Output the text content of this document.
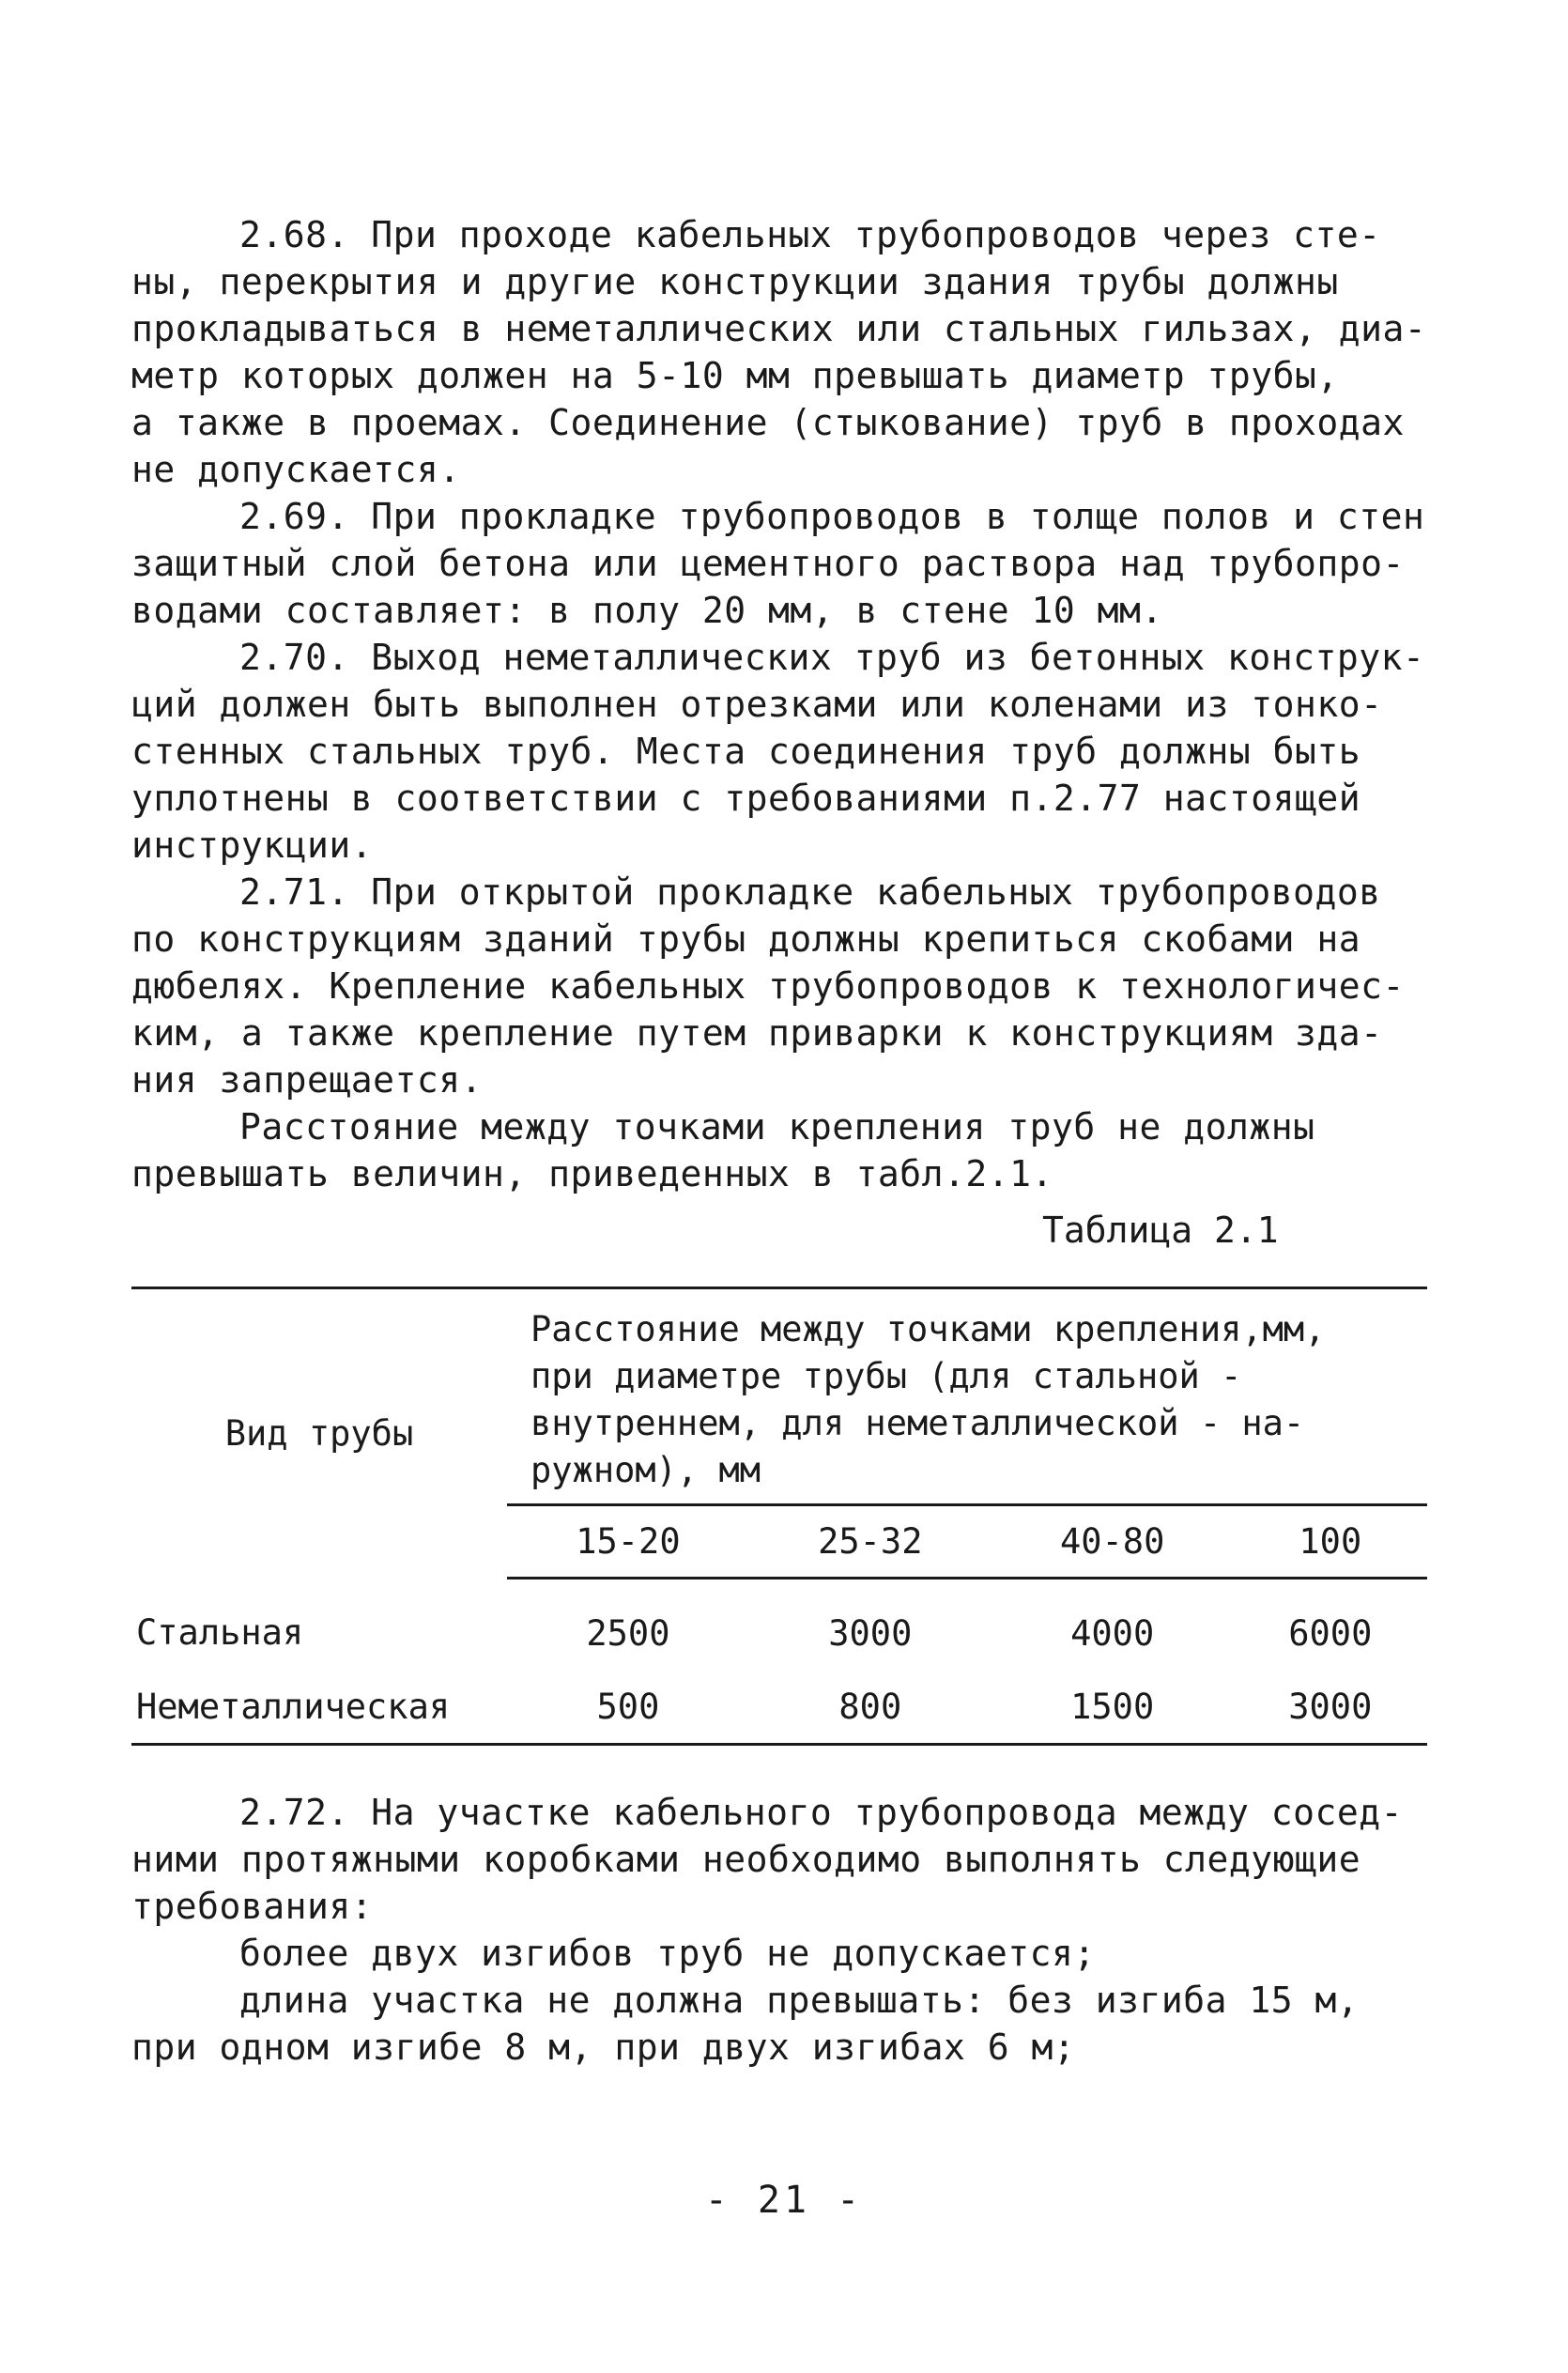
2.68. При проходе кабельных трубопроводов через сте-

ны, перекрытия и другие конструкции здания трубы должны

прокладываться в неметаллических или стальных гильзах, диа-

метр которых должен на 5-10 мм превышать диаметр трубы,

а также в проемах. Соединение (стыкование) труб в проходах

не допускается.

2.69. При прокладке трубопроводов в толще полов и стен

защитный слой бетона или цементного раствора над трубопро-

водами составляет: в полу 20 мм, в стене 10 мм.

2.70. Выход неметаллических труб из бетонных конструк-

ций должен быть выполнен отрезками или коленами из тонко-

стенных стальных труб. Места соединения труб должны быть

уплотнены в соответствии с требованиями п.2.77 настоящей

инструкции.

2.71. При открытой прокладке кабельных трубопроводов

по конструкциям зданий трубы должны крепиться скобами на

дюбелях. Крепление кабельных трубопроводов к технологичес-

ким, а также крепление путем приварки к конструкциям зда-

ния запрещается.

Расстояние между точками крепления труб не должны

превышать величин, приведенных в табл.2.1.

Таблица 2.1
Вид трубы	Расстояние между точками крепления,мм,
при диаметре трубы (для стальной -
внутреннем, для неметаллической - на-
ружном), мм			
	15-20	25-32	40-80	100
Стальная	2500	3000	4000	6000
Неметаллическая	500	800	1500	3000

2.72. На участке кабельного трубопровода между сосед-

ними протяжными коробками необходимо выполнять следующие

требования:

более двух изгибов труб не допускается;

длина участка не должна превышать: без изгиба 15 м,

при одном изгибе 8 м, при двух изгибах 6 м;

- 21 -
